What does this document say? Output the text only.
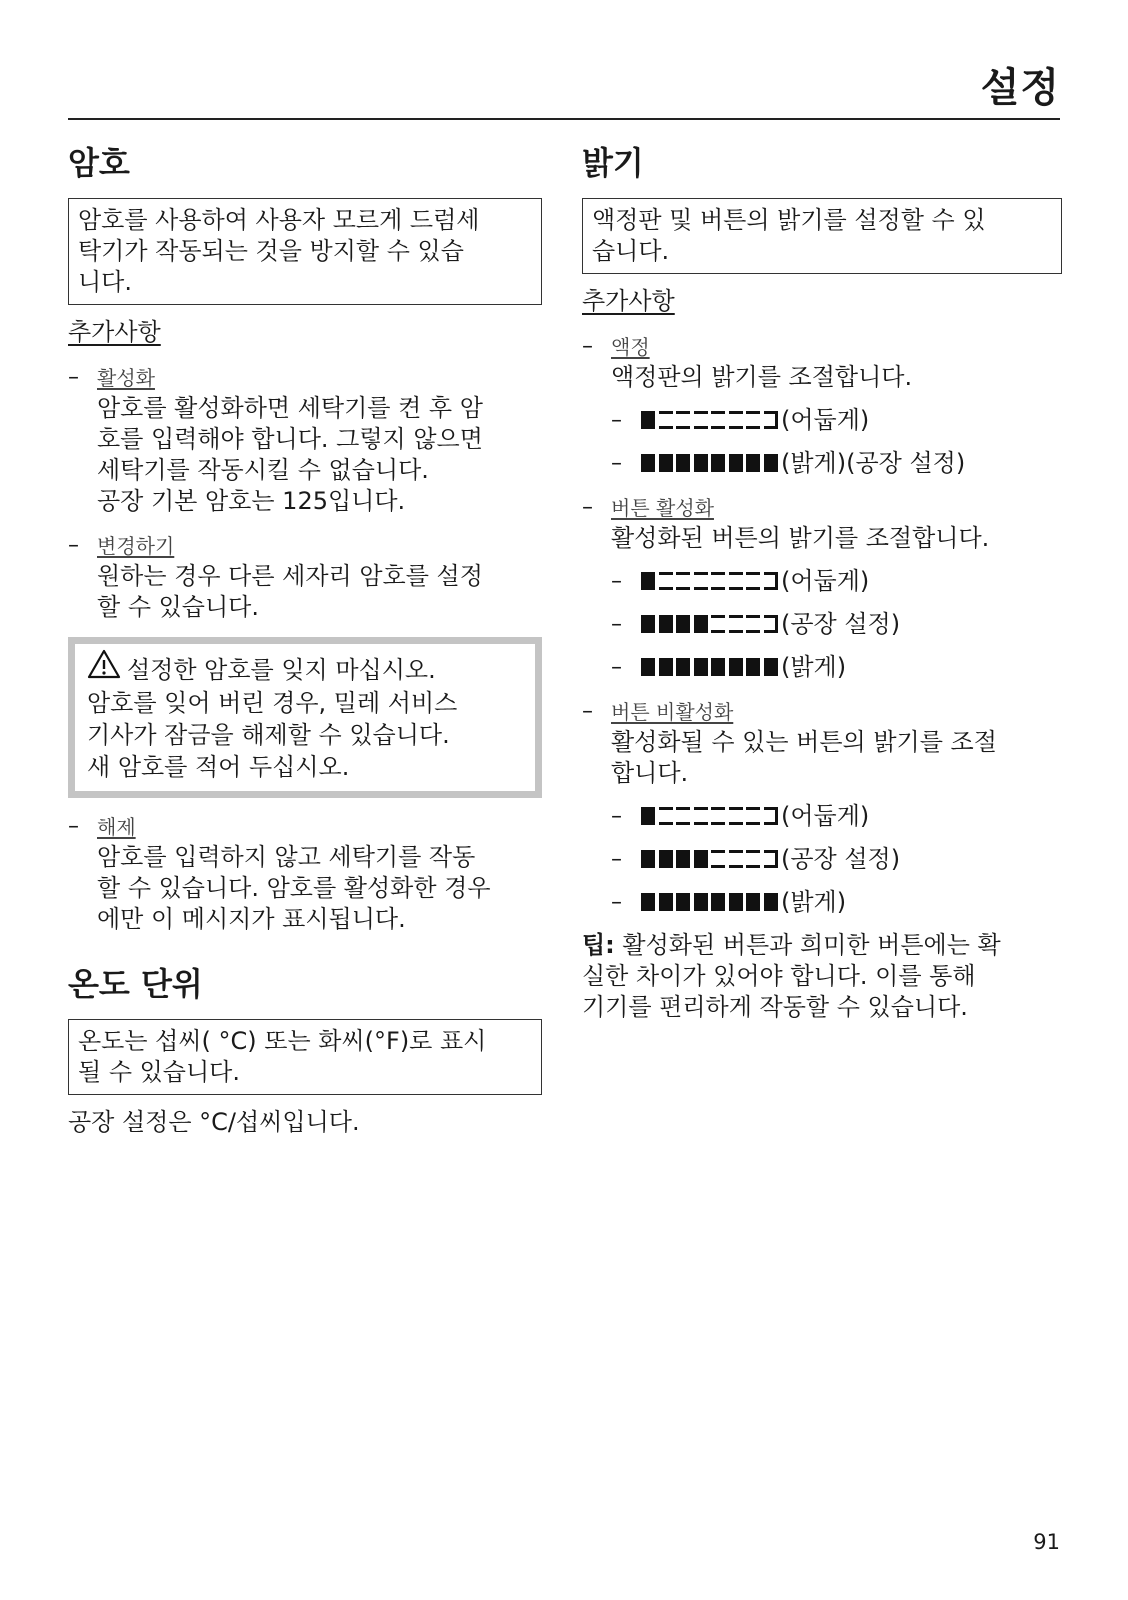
설정
암호
암호를 사용하여 사용자 모르게 드럼세
탁기가 작동되는 것을 방지할 수 있습
니다.
추가사항
– 활성화
암호를 활성화하면 세탁기를 켠 후 암
호를 입력해야 합니다. 그렇지 않으면
세탁기를 작동시킬 수 없습니다.
공장 기본 암호는 125입니다.
– 변경하기
원하는 경우 다른 세자리 암호를 설정
할 수 있습니다.
설정한 암호를 잊지 마십시오.
암호를 잊어 버린 경우, 밀레 서비스
기사가 잠금을 해제할 수 있습니다.
새 암호를 적어 두십시오.
– 해제
암호를 입력하지 않고 세탁기를 작동
할 수 있습니다. 암호를 활성화한 경우
에만 이 메시지가 표시됩니다.
온도 단위
온도는 섭씨( °C) 또는 화씨(°F)로 표시
될 수 있습니다.

공장 설정은 °C/섭씨입니다.

밝기
액정판 및 버튼의 밝기를 설정할 수 있
습니다.
추가사항
– 액정
액정판의 밝기를 조절합니다.
–	(어둡게)
–	(밝게)(공장 설정)
– 버튼 활성화
활성화된 버튼의 밝기를 조절합니다.
–	(어둡게)
–	(공장 설정)
–	(밝게)
– 버튼 비활성화
활성화될 수 있는 버튼의 밝기를 조절
합니다.
–	(어둡게)
–	(공장 설정)
–	(밝게)
팁: 활성화된 버튼과 희미한 버튼에는 확
실한 차이가 있어야 합니다. 이를 통해
기기를 편리하게 작동할 수 있습니다.
91
